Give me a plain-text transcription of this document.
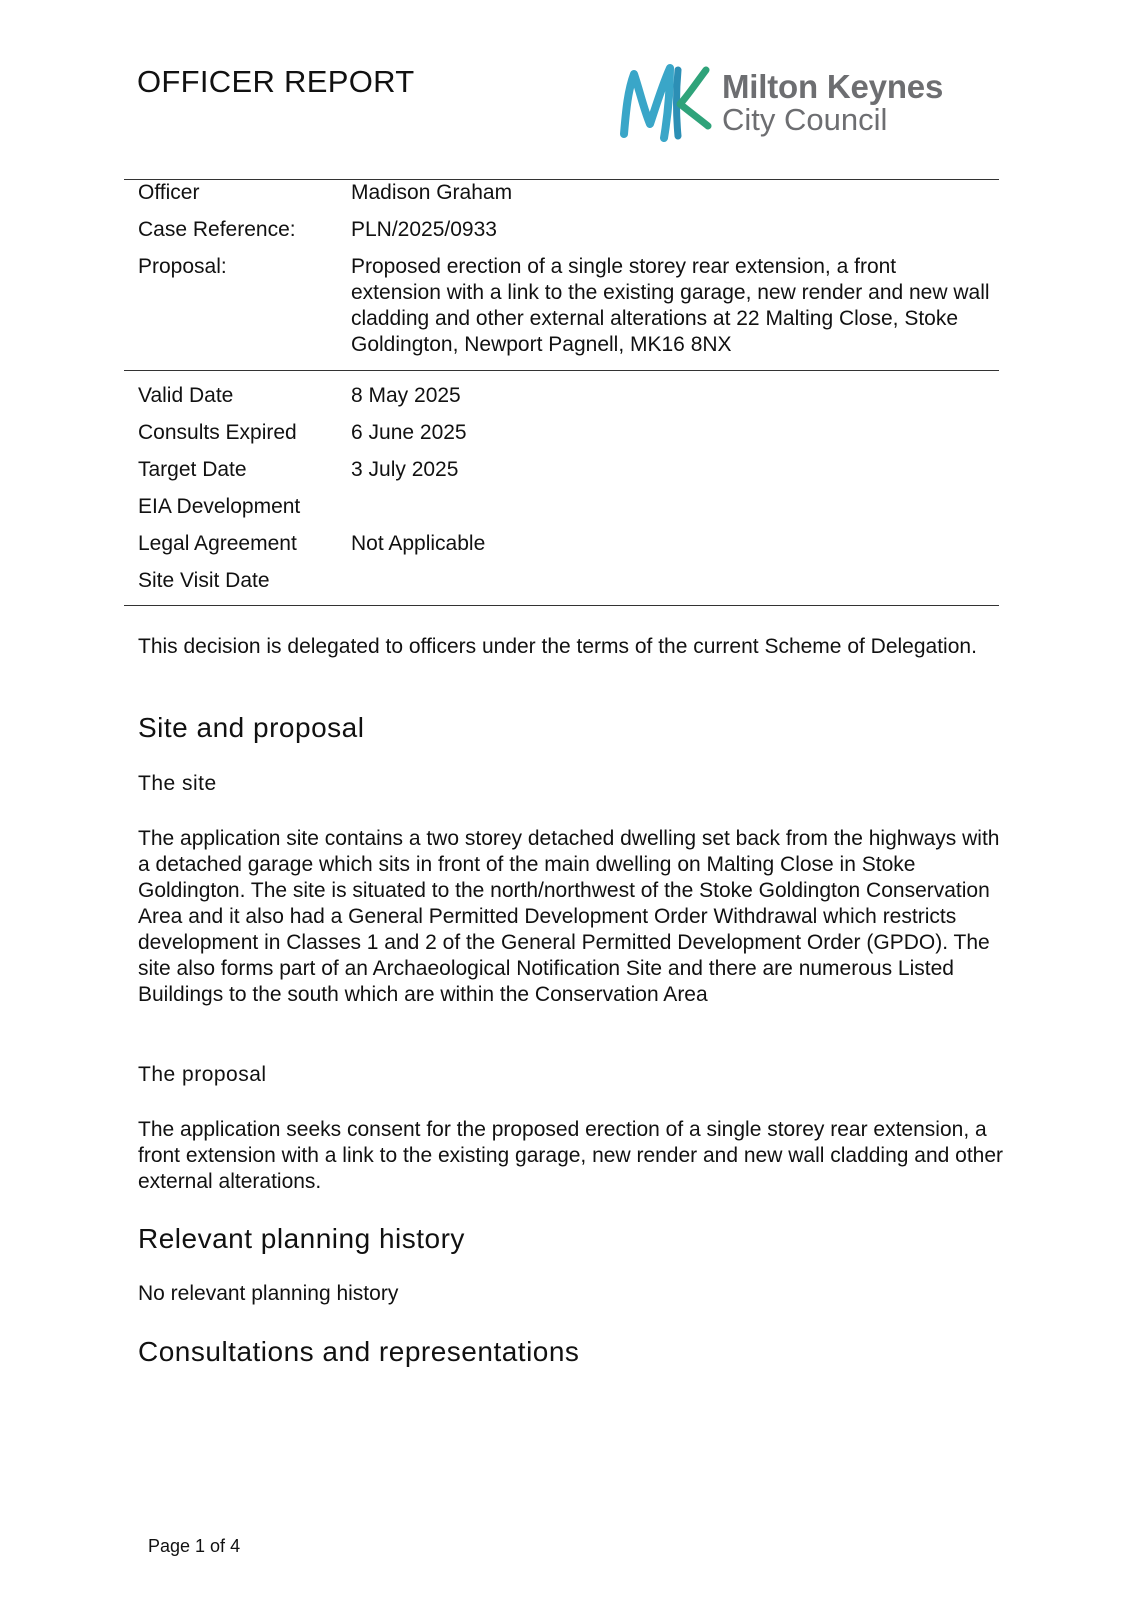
OFFICER REPORT	Milton Keynes
City Council
Officer	Madison Graham
Case Reference:	PLN/2025/0933
Proposal:	Proposed erection of a single storey rear extension, a front extension with a link to the existing garage, new render and new wall cladding and other external alterations at 22 Malting Close, Stoke Goldington, Newport Pagnell, MK16 8NX
Valid Date	8 May 2025
Consults Expired	6 June 2025
Target Date	3 July 2025
EIA Development
Legal Agreement	Not Applicable
Site Visit Date

This decision is delegated to officers under the terms of the current Scheme of Delegation.

Site and proposal
The site

The application site contains a two storey detached dwelling set back from the highways with a detached garage which sits in front of the main dwelling on Malting Close in Stoke Goldington. The site is situated to the north/northwest of the Stoke Goldington Conservation Area and it also had a General Permitted Development Order Withdrawal which restricts development in Classes 1 and 2 of the General Permitted Development Order (GPDO). The site also forms part of an Archaeological Notification Site and there are numerous Listed Buildings to the south which are within the Conservation Area

The proposal

The application seeks consent for the proposed erection of a single storey rear extension, a front extension with a link to the existing garage, new render and new wall cladding and other external alterations.

Relevant planning history

No relevant planning history

Consultations and representations

Page 1 of 4
